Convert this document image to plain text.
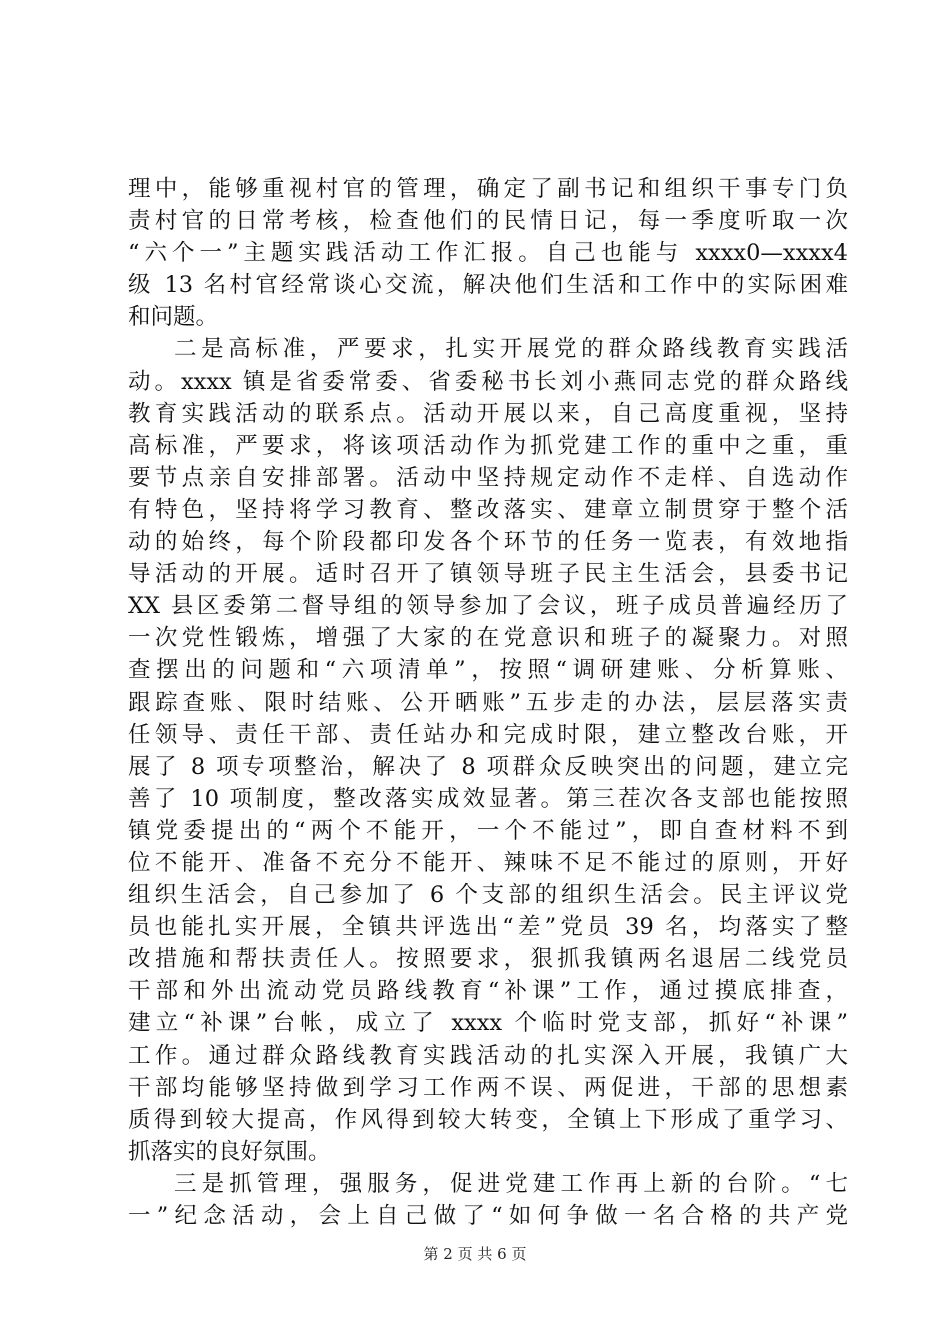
理中，能够重视村官的管理，确定了副书记和组织干事专门负
责村官的日常考核，检查他们的民情日记，每一季度听取一次
“六个一”主题实践活动工作汇报。自己也能与 xxxx0—xxxx4
级 13 名村官经常谈心交流，解决他们生活和工作中的实际困难
和问题。
二是高标准，严要求，扎实开展党的群众路线教育实践活
动。xxxx 镇是省委常委、省委秘书长刘小燕同志党的群众路线
教育实践活动的联系点。活动开展以来，自己高度重视，坚持
高标准，严要求，将该项活动作为抓党建工作的重中之重，重
要节点亲自安排部署。活动中坚持规定动作不走样、自选动作
有特色，坚持将学习教育、整改落实、建章立制贯穿于整个活
动的始终，每个阶段都印发各个环节的任务一览表，有效地指
导活动的开展。适时召开了镇领导班子民主生活会，县委书记
XX 县区委第二督导组的领导参加了会议，班子成员普遍经历了
一次党性锻炼，增强了大家的在党意识和班子的凝聚力。对照
查摆出的问题和“六项清单”，按照“调研建账、分析算账、
跟踪查账、限时结账、公开晒账”五步走的办法，层层落实责
任领导、责任干部、责任站办和完成时限，建立整改台账，开
展了 8 项专项整治，解决了 8 项群众反映突出的问题，建立完
善了 10 项制度，整改落实成效显著。第三茬次各支部也能按照
镇党委提出的“两个不能开，一个不能过”，即自查材料不到
位不能开、准备不充分不能开、辣味不足不能过的原则，开好
组织生活会，自己参加了 6 个支部的组织生活会。民主评议党
员也能扎实开展，全镇共评选出“差”党员 39 名，均落实了整
改措施和帮扶责任人。按照要求，狠抓我镇两名退居二线党员
干部和外出流动党员路线教育“补课”工作，通过摸底排查，
建立“补课”台帐，成立了 xxxx 个临时党支部，抓好“补课”
工作。通过群众路线教育实践活动的扎实深入开展，我镇广大
干部均能够坚持做到学习工作两不误、两促进，干部的思想素
质得到较大提高，作风得到较大转变，全镇上下形成了重学习、
抓落实的良好氛围。
三是抓管理，强服务，促进党建工作再上新的台阶。“七
一”纪念活动，会上自己做了“如何争做一名合格的共产党
第 2 页 共 6 页
